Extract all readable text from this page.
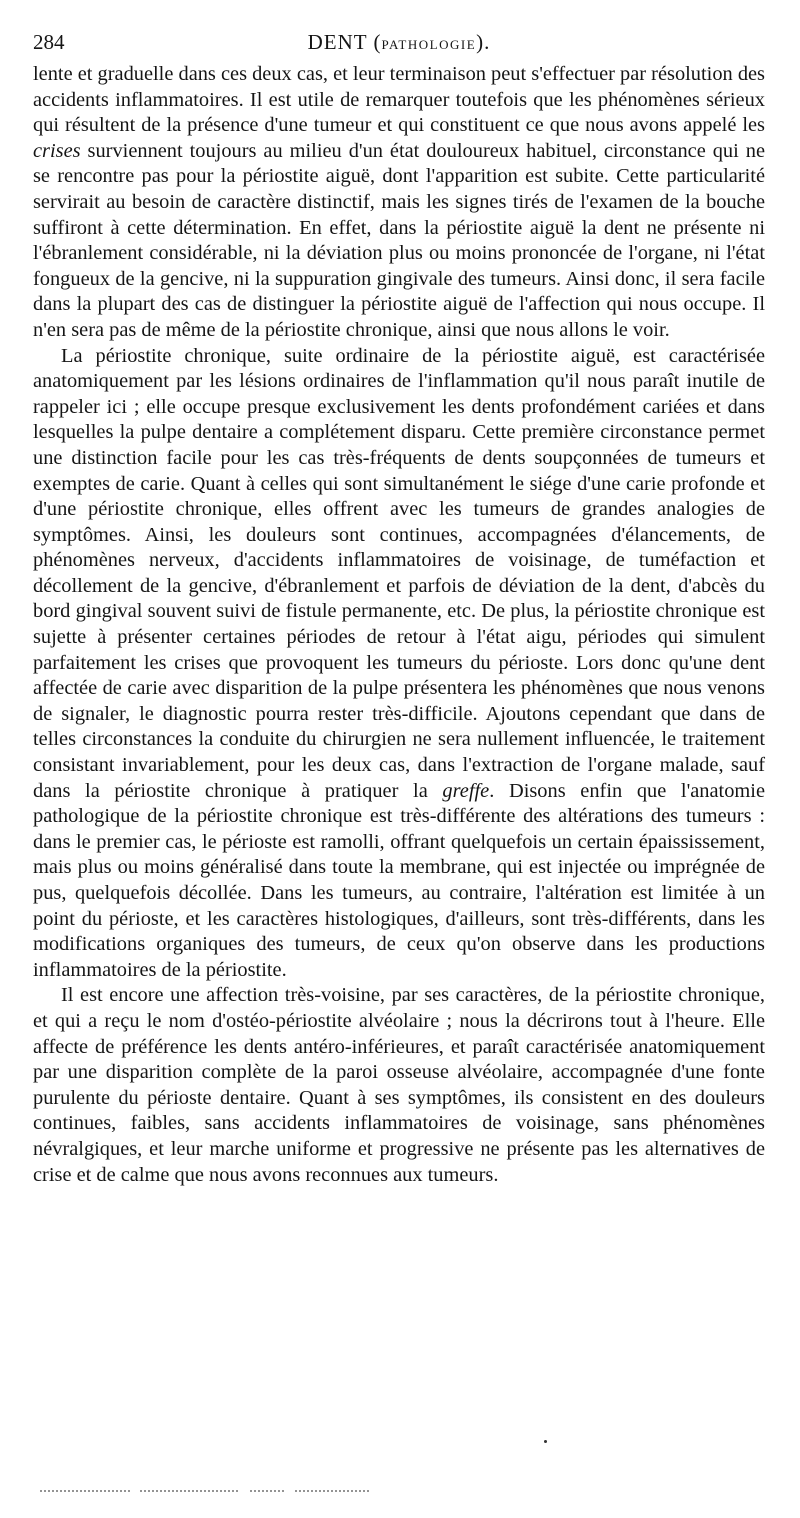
284	DENT (PATHOLOGIE).

lente et graduelle dans ces deux cas, et leur terminaison peut s'effectuer par résolution des accidents inflammatoires. Il est utile de remarquer toutefois que les phénomènes sérieux qui résultent de la présence d'une tumeur et qui constituent ce que nous avons appelé les crises surviennent toujours au milieu d'un état douloureux habituel, circonstance qui ne se rencontre pas pour la périostite aiguë, dont l'apparition est subite. Cette particularité servirait au besoin de caractère distinctif, mais les signes tirés de l'examen de la bouche suffiront à cette détermination. En effet, dans la périostite aiguë la dent ne présente ni l'ébranlement considérable, ni la déviation plus ou moins prononcée de l'organe, ni l'état fongueux de la gencive, ni la suppuration gingivale des tumeurs. Ainsi donc, il sera facile dans la plupart des cas de distinguer la périostite aiguë de l'affection qui nous occupe. Il n'en sera pas de même de la périostite chronique, ainsi que nous allons le voir.

La périostite chronique, suite ordinaire de la périostite aiguë, est caractérisée anatomiquement par les lésions ordinaires de l'inflammation qu'il nous paraît inutile de rappeler ici ; elle occupe presque exclusivement les dents profondément cariées et dans lesquelles la pulpe dentaire a complétement disparu. Cette première circonstance permet une distinction facile pour les cas très-fréquents de dents soupçonnées de tumeurs et exemptes de carie. Quant à celles qui sont simultanément le siége d'une carie profonde et d'une périostite chronique, elles offrent avec les tumeurs de grandes analogies de symptômes. Ainsi, les douleurs sont continues, accompagnées d'élancements, de phénomènes nerveux, d'accidents inflammatoires de voisinage, de tuméfaction et décollement de la gencive, d'ébranlement et parfois de déviation de la dent, d'abcès du bord gingival souvent suivi de fistule permanente, etc. De plus, la périostite chronique est sujette à présenter certaines périodes de retour à l'état aigu, périodes qui simulent parfaitement les crises que provoquent les tumeurs du périoste. Lors donc qu'une dent affectée de carie avec disparition de la pulpe présentera les phénomènes que nous venons de signaler, le diagnostic pourra rester très-difficile. Ajoutons cependant que dans de telles circonstances la conduite du chirurgien ne sera nullement influencée, le traitement consistant invariablement, pour les deux cas, dans l'extraction de l'organe malade, sauf dans la périostite chronique à pratiquer la greffe. Disons enfin que l'anatomie pathologique de la périostite chronique est très-différente des altérations des tumeurs : dans le premier cas, le périoste est ramolli, offrant quelquefois un certain épaississement, mais plus ou moins généralisé dans toute la membrane, qui est injectée ou imprégnée de pus, quelquefois décollée. Dans les tumeurs, au contraire, l'altération est limitée à un point du périoste, et les caractères histologiques, d'ailleurs, sont très-différents, dans les modifications organiques des tumeurs, de ceux qu'on observe dans les productions inflammatoires de la périostite.

Il est encore une affection très-voisine, par ses caractères, de la périostite chronique, et qui a reçu le nom d'ostéo-périostite alvéolaire ; nous la décrirons tout à l'heure. Elle affecte de préférence les dents antéro-inférieures, et paraît caractérisée anatomiquement par une disparition complète de la paroi osseuse alvéolaire, accompagnée d'une fonte purulente du périoste dentaire. Quant à ses symptômes, ils consistent en des douleurs continues, faibles, sans accidents inflammatoires de voisinage, sans phénomènes névralgiques, et leur marche uniforme et progressive ne présente pas les alternatives de crise et de calme que nous avons reconnues aux tumeurs.
